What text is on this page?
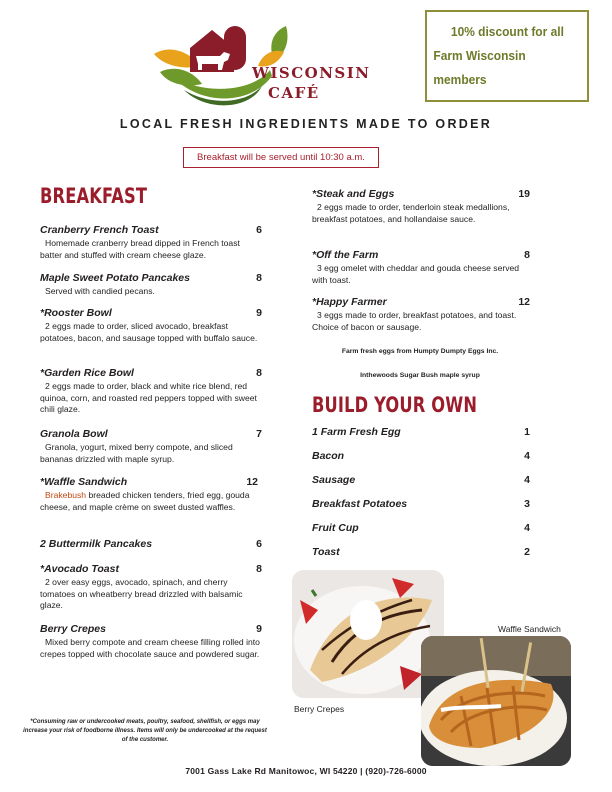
WISCONSIN
CAFÉ
10% discount for all
Farm Wisconsin members
LOCAL FRESH INGREDIENTS MADE TO ORDER
Breakfast will be served until 10:30 a.m.
BREAKFAST
Cranberry French Toast	6
Homemade cranberry bread dipped in French toast batter and stuffed with cream cheese glaze.
Maple Sweet Potato Pancakes	8
Served with candied pecans.
*Rooster Bowl	9
2 eggs made to order, sliced avocado, breakfast potatoes, bacon, and sausage topped with buffalo sauce.
*Garden Rice Bowl	8
2 eggs made to order, black and white rice blend, red quinoa, corn, and roasted red peppers topped with sweet chili glaze.
Granola Bowl	7
Granola, yogurt, mixed berry compote, and sliced bananas drizzled with maple syrup.
*Waffle Sandwich	12
Brakebush breaded chicken tenders, fried egg, gouda cheese, and maple crème on sweet dusted waffles.
2 Buttermilk Pancakes	6
*Avocado Toast	8
2 over easy eggs, avocado, spinach, and cherry tomatoes on wheatberry bread drizzled with balsamic glaze.
Berry Crepes	9
Mixed berry compote and cream cheese filling rolled into crepes topped with chocolate sauce and powdered sugar.
*Steak and Eggs	19
2 eggs made to order, tenderloin steak medallions, breakfast potatoes, and hollandaise sauce.
*Off the Farm	8
3 egg omelet with cheddar and gouda cheese served with toast.
*Happy Farmer	12
3 eggs made to order, breakfast potatoes, and toast. Choice of bacon or sausage.
Farm fresh eggs from Humpty Dumpty Eggs Inc.
Inthewoods Sugar Bush maple syrup
BUILD YOUR OWN
1 Farm Fresh Egg	1
Bacon	4
Sausage	4
Breakfast Potatoes	3
Fruit Cup	4
Toast	2
Berry Crepes
Waffle Sandwich
*Consuming raw or undercooked meats, poultry, seafood, shellfish, or eggs may increase your risk of foodborne illness. Items will only be undercooked at the request of the customer.
7001 Gass Lake Rd Manitowoc, WI 54220 | (920)-726-6000
